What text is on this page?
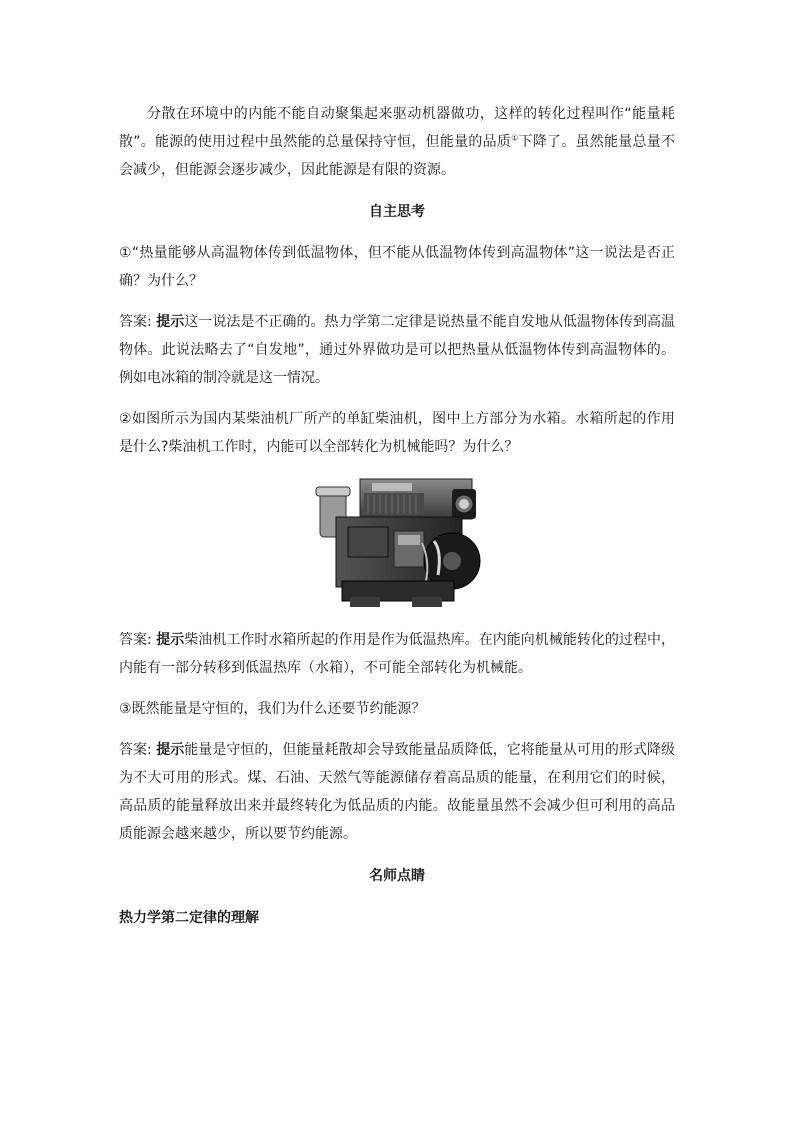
分散在环境中的内能不能自动聚集起来驱动机器做功，这样的转化过程叫作“能量耗散”。能源的使用过程中虽然能的总量保持守恒，但能量的品质①下降了。虽然能量总量不会减少，但能源会逐步减少，因此能源是有限的资源。

自主思考

①“热量能够从高温物体传到低温物体，但不能从低温物体传到高温物体”这一说法是否正确？为什么？

答案: 提示这一说法是不正确的。热力学第二定律是说热量不能自发地从低温物体传到高温物体。此说法略去了“自发地”，通过外界做功是可以把热量从低温物体传到高温物体的。例如电冰箱的制冷就是这一情况。

②如图所示为国内某柴油机厂所产的单缸柴油机，图中上方部分为水箱。水箱所起的作用是什么?柴油机工作时，内能可以全部转化为机械能吗？为什么？

答案: 提示柴油机工作时水箱所起的作用是作为低温热库。在内能向机械能转化的过程中，内能有一部分转移到低温热库（水箱），不可能全部转化为机械能。

③既然能量是守恒的，我们为什么还要节约能源？

答案: 提示能量是守恒的，但能量耗散却会导致能量品质降低，它将能量从可用的形式降级为不大可用的形式。煤、石油、天然气等能源储存着高品质的能量，在利用它们的时候，高品质的能量释放出来并最终转化为低品质的内能。故能量虽然不会减少但可利用的高品质能源会越来越少，所以要节约能源。

名师点睛

热力学第二定律的理解
